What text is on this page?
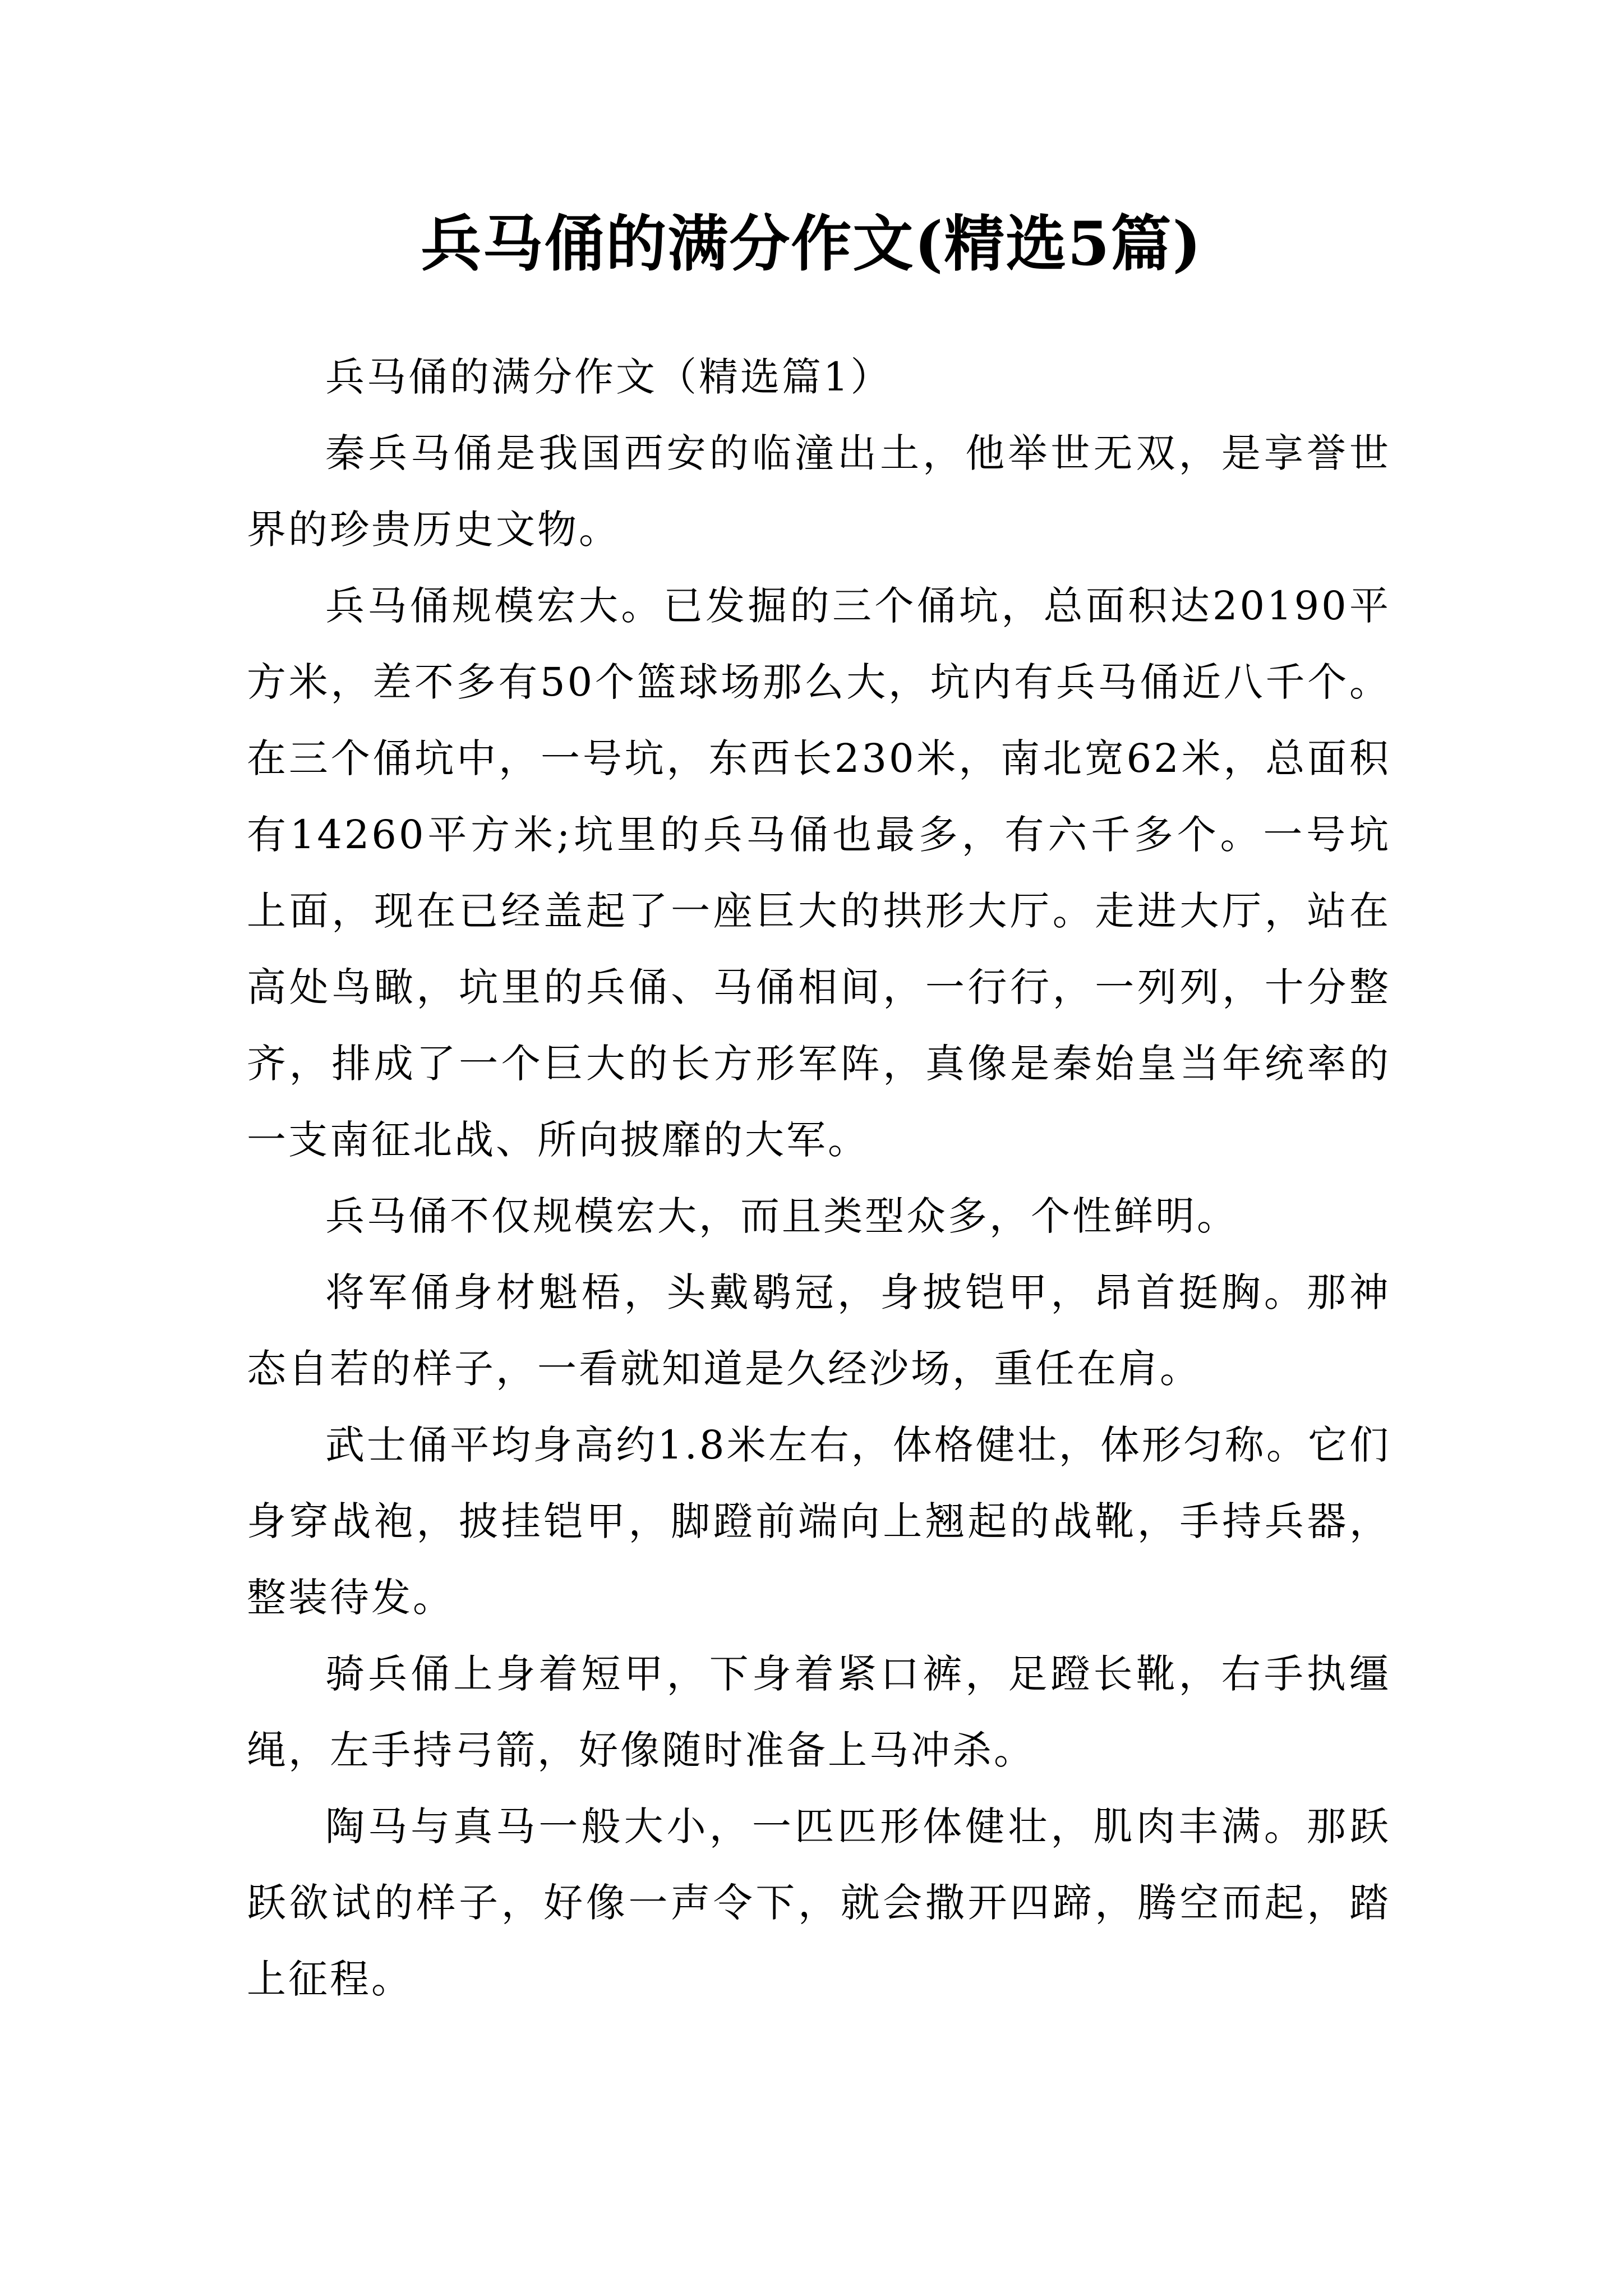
兵马俑的满分作文(精选5篇)

兵马俑的满分作文（精选篇1）

秦兵马俑是我国西安的临潼出土，他举世无双，是享誉世界的珍贵历史文物。

兵马俑规模宏大。已发掘的三个俑坑，总面积达20190平方米，差不多有50个篮球场那么大，坑内有兵马俑近八千个。在三个俑坑中，一号坑，东西长230米，南北宽62米，总面积有14260平方米;坑里的兵马俑也最多，有六千多个。一号坑上面，现在已经盖起了一座巨大的拱形大厅。走进大厅，站在高处鸟瞰，坑里的兵俑、马俑相间，一行行，一列列，十分整齐，排成了一个巨大的长方形军阵，真像是秦始皇当年统率的一支南征北战、所向披靡的大军。

兵马俑不仅规模宏大，而且类型众多，个性鲜明。

将军俑身材魁梧，头戴鹖冠，身披铠甲，昂首挺胸。那神态自若的样子，一看就知道是久经沙场，重任在肩。

武士俑平均身高约1.8米左右，体格健壮，体形匀称。它们身穿战袍，披挂铠甲，脚蹬前端向上翘起的战靴，手持兵器，整装待发。

骑兵俑上身着短甲，下身着紧口裤，足蹬长靴，右手执缰绳，左手持弓箭，好像随时准备上马冲杀。

陶马与真马一般大小，一匹匹形体健壮，肌肉丰满。那跃跃欲试的样子，好像一声令下，就会撒开四蹄，腾空而起，踏上征程。
